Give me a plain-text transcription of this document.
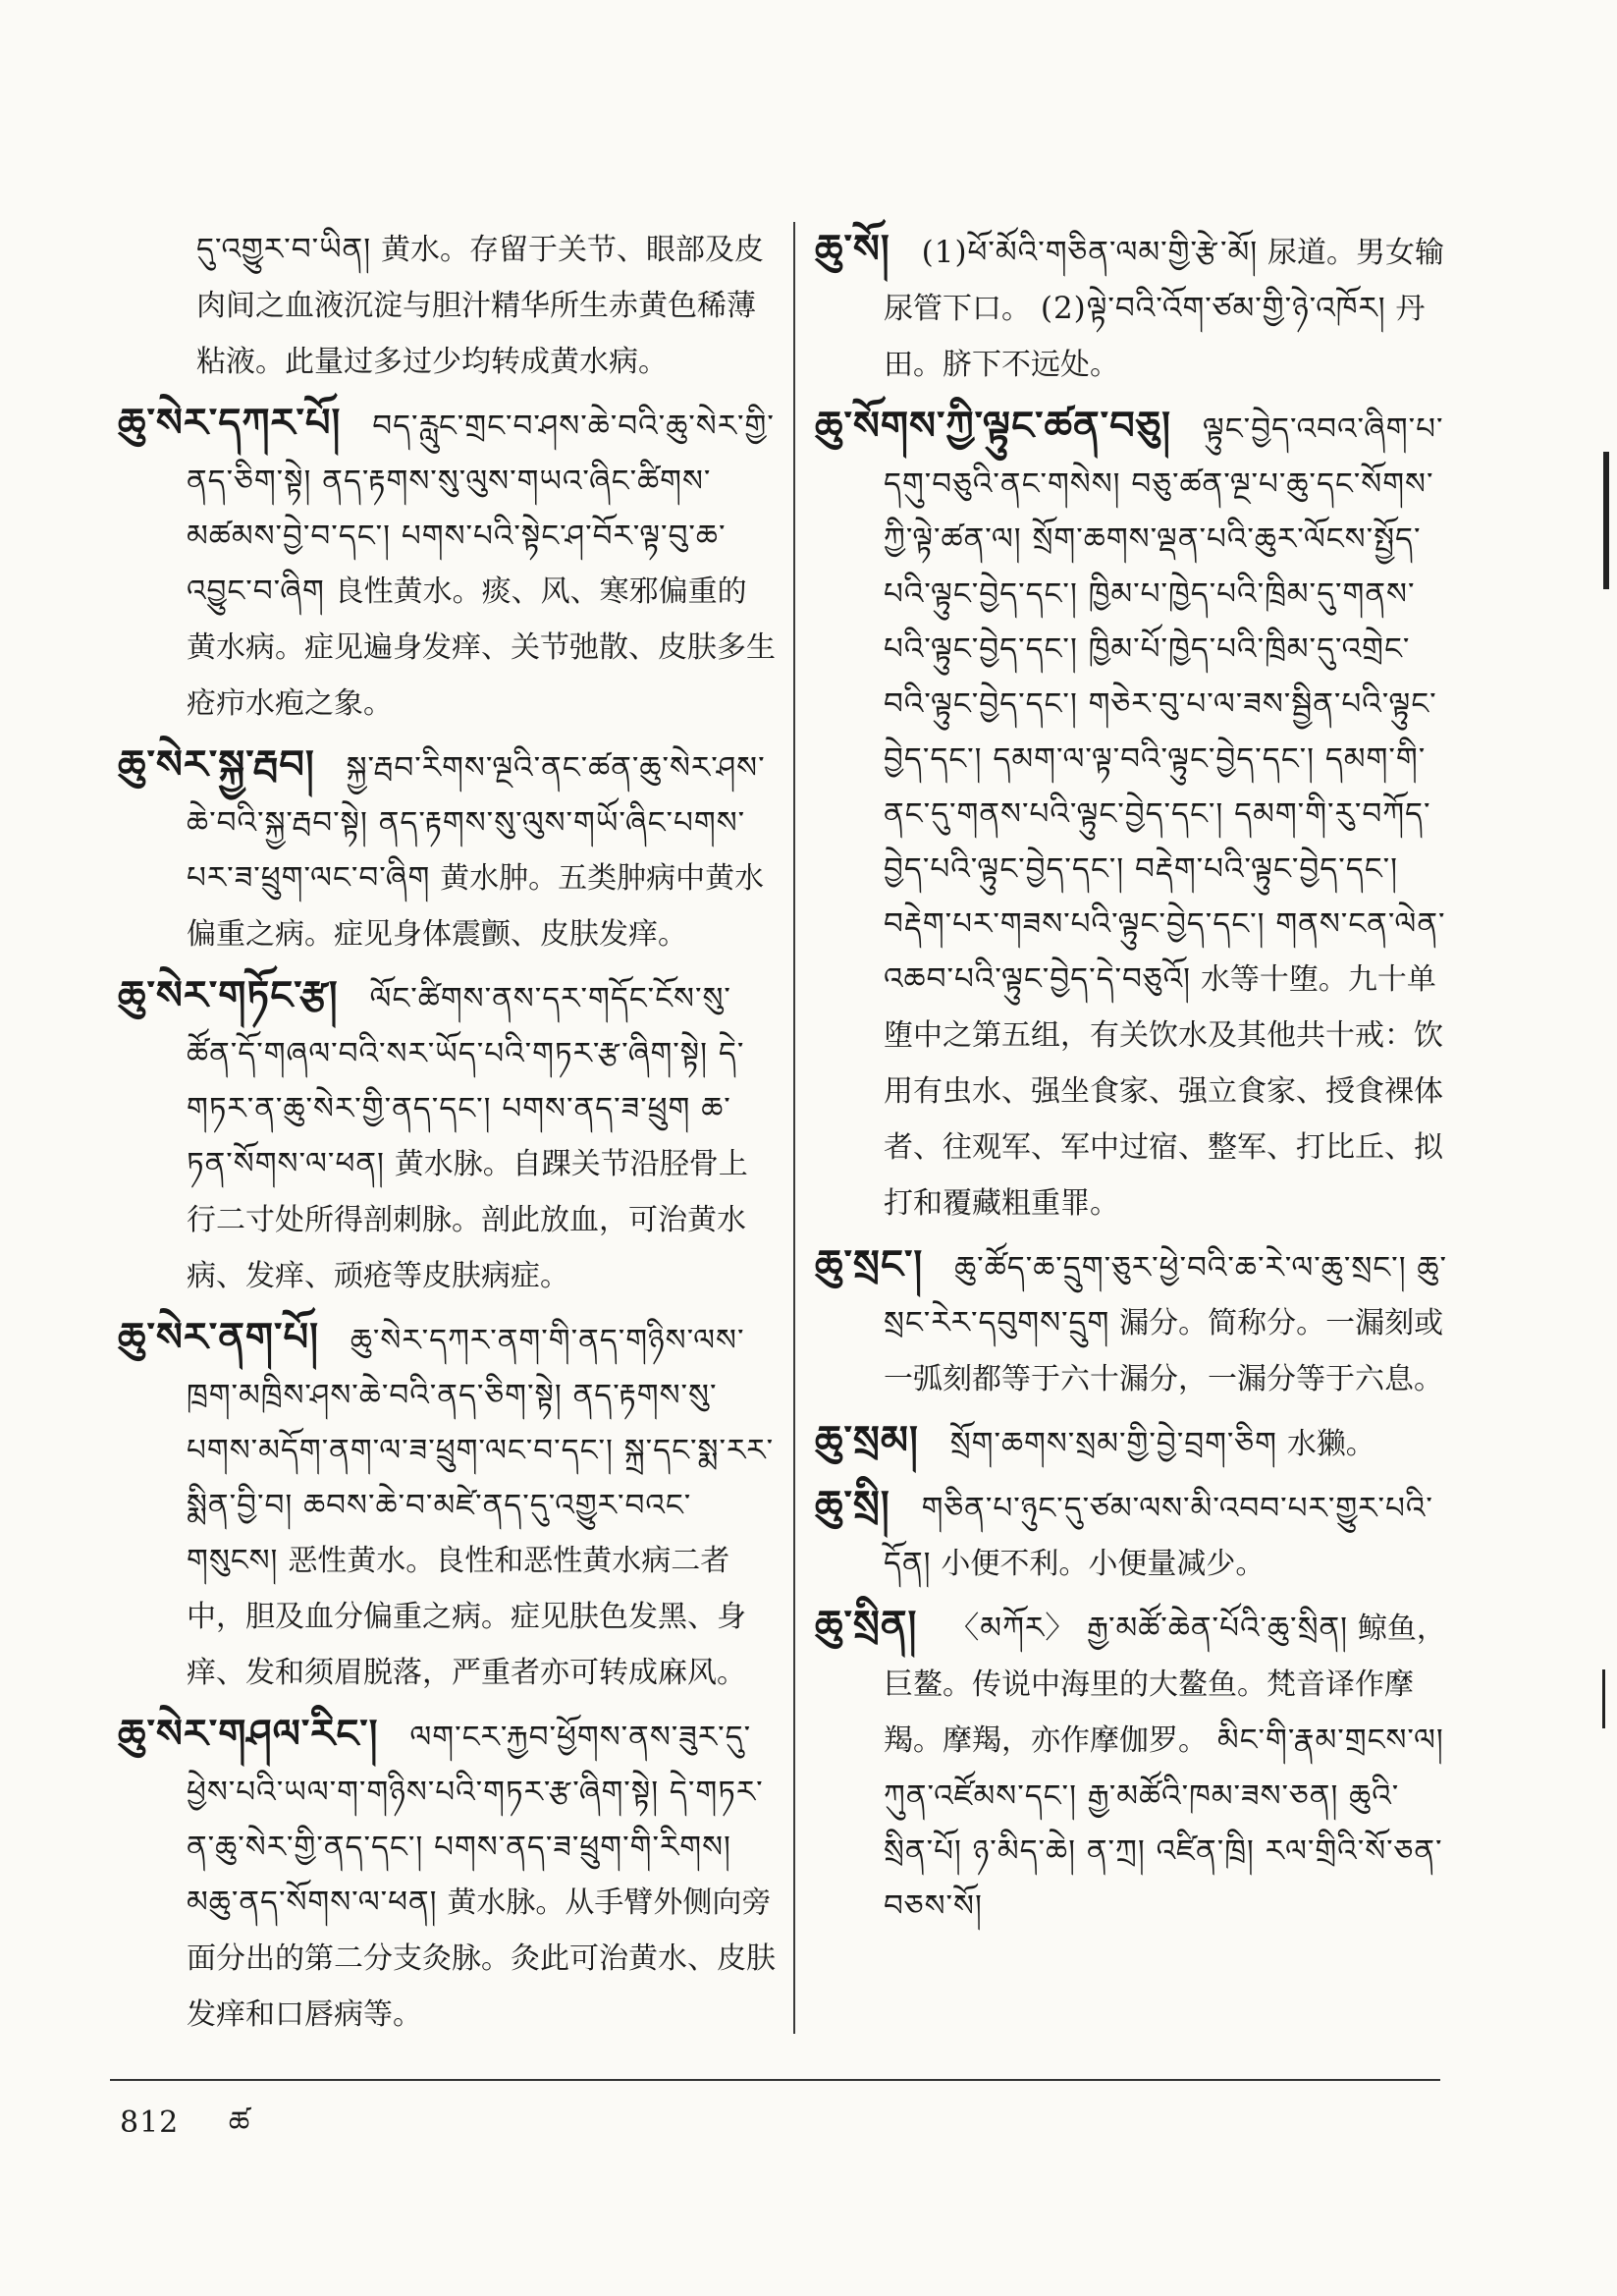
དུ་འགྱུར་བ་ཡིན། 黄水。存留于关节、眼部及皮肉间之血液沉淀与胆汁精华所生赤黄色稀薄粘液。此量过多过少均转成黄水病。

ཆུ་སེར་དཀར་པོ། བད་རླུང་གྲང་བ་ཤས་ཆེ་བའི་ཆུ་སེར་གྱི་ནད་ཅིག་སྟེ། ནད་རྟགས་སུ་ལུས་གཡའ་ཞིང་ཚིགས་མཚམས་བྱེ་བ་དང་། པགས་པའི་སྟེང་ཤ་བོར་ལྟ་བུ་ཆ་འབྱུང་བ་ཞིག 良性黄水。痰、风、寒邪偏重的黄水病。症见遍身发痒、关节弛散、皮肤多生疮疖水疱之象。

ཆུ་སེར་སྐྱ་རྦབ། སྐྱ་རྦབ་རིགས་ལྔའི་ནང་ཚན་ཆུ་སེར་ཤས་ཆེ་བའི་སྐྱ་རྦབ་སྟེ། ནད་རྟགས་སུ་ལུས་གཡོ་ཞིང་པགས་པར་ཟ་ཕྲུག་ལང་བ་ཞིག 黄水肿。五类肿病中黄水偏重之病。症见身体震颤、皮肤发痒。

ཆུ་སེར་གཏོང་རྩ། ལོང་ཚིགས་ནས་དར་གདོང་ངོས་སུ་ཚོན་དོ་གཞལ་བའི་སར་ཡོད་པའི་གཏར་རྩ་ཞིག་སྟེ། དེ་གཏར་ན་ཆུ་སེར་གྱི་ནད་དང་། པགས་ནད་ཟ་ཕྲུག ཆ་ཏན་སོགས་ལ་ཕན། 黄水脉。自踝关节沿胫骨上行二寸处所得剖刺脉。剖此放血，可治黄水病、发痒、顽疮等皮肤病症。

ཆུ་སེར་ནག་པོ། ཆུ་སེར་དཀར་ནག་གི་ནད་གཉིས་ལས་ཁྲག་མཁྲིས་ཤས་ཆེ་བའི་ནད་ཅིག་སྟེ། ནད་རྟགས་སུ་པགས་མདོག་ནག་ལ་ཟ་ཕྲུག་ལང་བ་དང་། སྐྲ་དང་སྨ་རར་སྨིན་བྱི་བ། ཆབས་ཆེ་བ་མཛེ་ནད་དུ་འགྱུར་བའང་གསུངས། 恶性黄水。良性和恶性黄水病二者中，胆及血分偏重之病。症见肤色发黑、身痒、发和须眉脱落，严重者亦可转成麻风。

ཆུ་སེར་གཤལ་རིང་། ལག་ངར་རྐྱབ་ཕྱོགས་ནས་ཟུར་དུ་ཕྱེས་པའི་ཡལ་ག་གཉིས་པའི་གཏར་རྩ་ཞིག་སྟེ། དེ་གཏར་ན་ཆུ་སེར་གྱི་ནད་དང་། པགས་ནད་ཟ་ཕྲུག་གི་རིགས། མཆུ་ནད་སོགས་ལ་ཕན། 黄水脉。从手臂外侧向旁面分出的第二分支灸脉。灸此可治黄水、皮肤发痒和口唇病等。

ཆུ་སོ། (1)ཕོ་མོའི་གཅིན་ལམ་གྱི་རྩེ་མོ། 尿道。男女输尿管下口。 (2)ལྟེ་བའི་འོག་ཙམ་གྱི་ཉེ་འཁོར། 丹田。脐下不远处。

ཆུ་སོགས་ཀྱི་ལྟུང་ཚན་བཅུ། ལྟུང་བྱེད་འབའ་ཞིག་པ་དགུ་བཅུའི་ནང་གསེས། བཅུ་ཚན་ལྔ་པ་ཆུ་དང་སོགས་ཀྱི་ལྟེ་ཚན་ལ། སྲོག་ཆགས་ལྡན་པའི་ཆུར་ལོངས་སྤྱོད་པའི་ལྟུང་བྱེད་དང་། ཁྱིམ་པ་ཁྱེད་པའི་ཁྲིམ་དུ་གནས་པའི་ལྟུང་བྱེད་དང་། ཁྱིམ་པོ་ཁྱེད་པའི་ཁྲིམ་དུ་འགྲེང་བའི་ལྟུང་བྱེད་དང་། གཅེར་བུ་པ་ལ་ཟས་སྦྱིན་པའི་ལྟུང་བྱེད་དང་། དམག་ལ་ལྟ་བའི་ལྟུང་བྱེད་དང་། དམག་གི་ནང་དུ་གནས་པའི་ལྟུང་བྱེད་དང་། དམག་གི་རུ་བཀོད་བྱེད་པའི་ལྟུང་བྱེད་དང་། བརྡེག་པའི་ལྟུང་བྱེད་དང་། བརྡེག་པར་གཟས་པའི་ལྟུང་བྱེད་དང་། གནས་ངན་ལེན་འཆབ་པའི་ལྟུང་བྱེད་དེ་བཅུའོ། 水等十堕。九十单堕中之第五组，有关饮水及其他共十戒：饮用有虫水、强坐食家、强立食家、授食裸体者、往观军、军中过宿、整军、打比丘、拟打和覆藏粗重罪。

ཆུ་སྲང་། ཆུ་ཚོད་ཆ་དྲུག་ཅུར་ཕྱེ་བའི་ཆ་རེ་ལ་ཆུ་སྲང་། ཆུ་སྲང་རེར་དབུགས་དྲུག 漏分。简称分。一漏刻或一弧刻都等于六十漏分，一漏分等于六息。

ཆུ་སྲམ། སྲོག་ཆགས་སྲམ་གྱི་བྱེ་བྲག་ཅིག 水獭。

ཆུ་སྲི། གཅིན་པ་ཉུང་དུ་ཙམ་ལས་མི་འབབ་པར་གྱུར་པའི་དོན། 小便不利。小便量减少。

ཆུ་སྲིན། 〈མཀོར〉 རྒྱ་མཚོ་ཆེན་པོའི་ཆུ་སྲིན། 鲸鱼，巨鳌。传说中海里的大鳌鱼。梵音译作摩羯。摩羯，亦作摩伽罗。 མིང་གི་རྣམ་གྲངས་ལ། ཀུན་འཛོམས་དང་། རྒྱ་མཚོའི་ཁམ་ཟས་ཅན། ཆུའི་སྲིན་པོ། ཉ་མིད་ཆེ། ན་ཀྲ། འཛིན་ཁྲི། རལ་གྲིའི་སོ་ཅན་བཅས་སོ།

812 ཚ
